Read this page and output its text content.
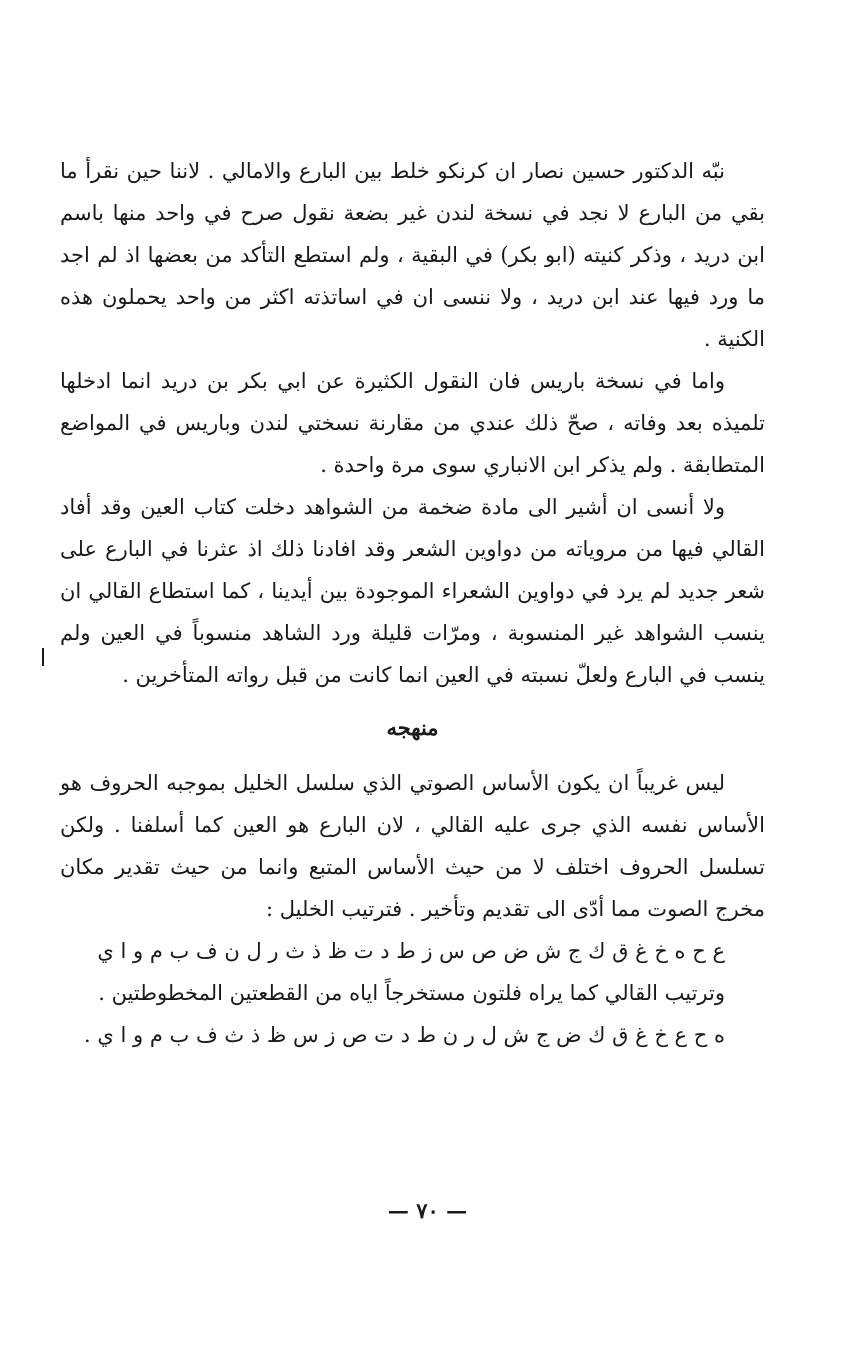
نبّه الدكتور حسين نصار ان كرنكو خلط بين البارع والامالي . لاننا حين نقرأ ما بقي من البارع لا نجد في نسخة لندن غير بضعة نقول صرح في واحد منها باسم ابن دريد ، وذكر كنيته (ابو بكر) في البقية ، ولم استطع التأكد من بعضها اذ لم اجد ما ورد فيها عند ابن دريد ، ولا ننسى ان في اساتذته اكثر من واحد يحملون هذه الكنية .

واما في نسخة باريس فان النقول الكثيرة عن ابي بكر بن دريد انما ادخلها تلميذه بعد وفاته ، صحّ ذلك عندي من مقارنة نسختي لندن وباريس في المواضع المتطابقة . ولم يذكر ابن الانباري سوى مرة واحدة .

ولا أنسى ان أشير الى مادة ضخمة من الشواهد دخلت كتاب العين وقد أفاد القالي فيها من مروياته من دواوين الشعر وقد افادنا ذلك اذ عثرنا في البارع على شعر جديد لم يرد في دواوين الشعراء الموجودة بين أيدينا ، كما استطاع القالي ان ينسب الشواهد غير المنسوبة ، ومرّات قليلة ورد الشاهد منسوباً في العين ولم ينسب في البارع ولعلّ نسبته في العين انما كانت من قبل رواته المتأخرين .

منهجه

ليس غريباً ان يكون الأساس الصوتي الذي سلسل الخليل بموجبه الحروف هو الأساس نفسه الذي جرى عليه القالي ، لان البارع هو العين كما أسلفنا . ولكن تسلسل الحروف اختلف لا من حيث الأساس المتبع وانما من حيث تقدير مكان مخرج الصوت مما أدّى الى تقديم وتأخير . فترتيب الخليل :

ع ح ه خ غ ق ك ج ش ض ص س ز ط د ت ظ ذ ث ر ل ن ف ب م و ا ي

وترتيب القالي كما يراه فلتون مستخرجاً اياه من القطعتين المخطوطتين .

ه ح ع خ غ ق ك ض ج ش ل ر ن ط د ت ص ز س ظ ذ ث ف ب م و ا ي .

— ٧٠ —
